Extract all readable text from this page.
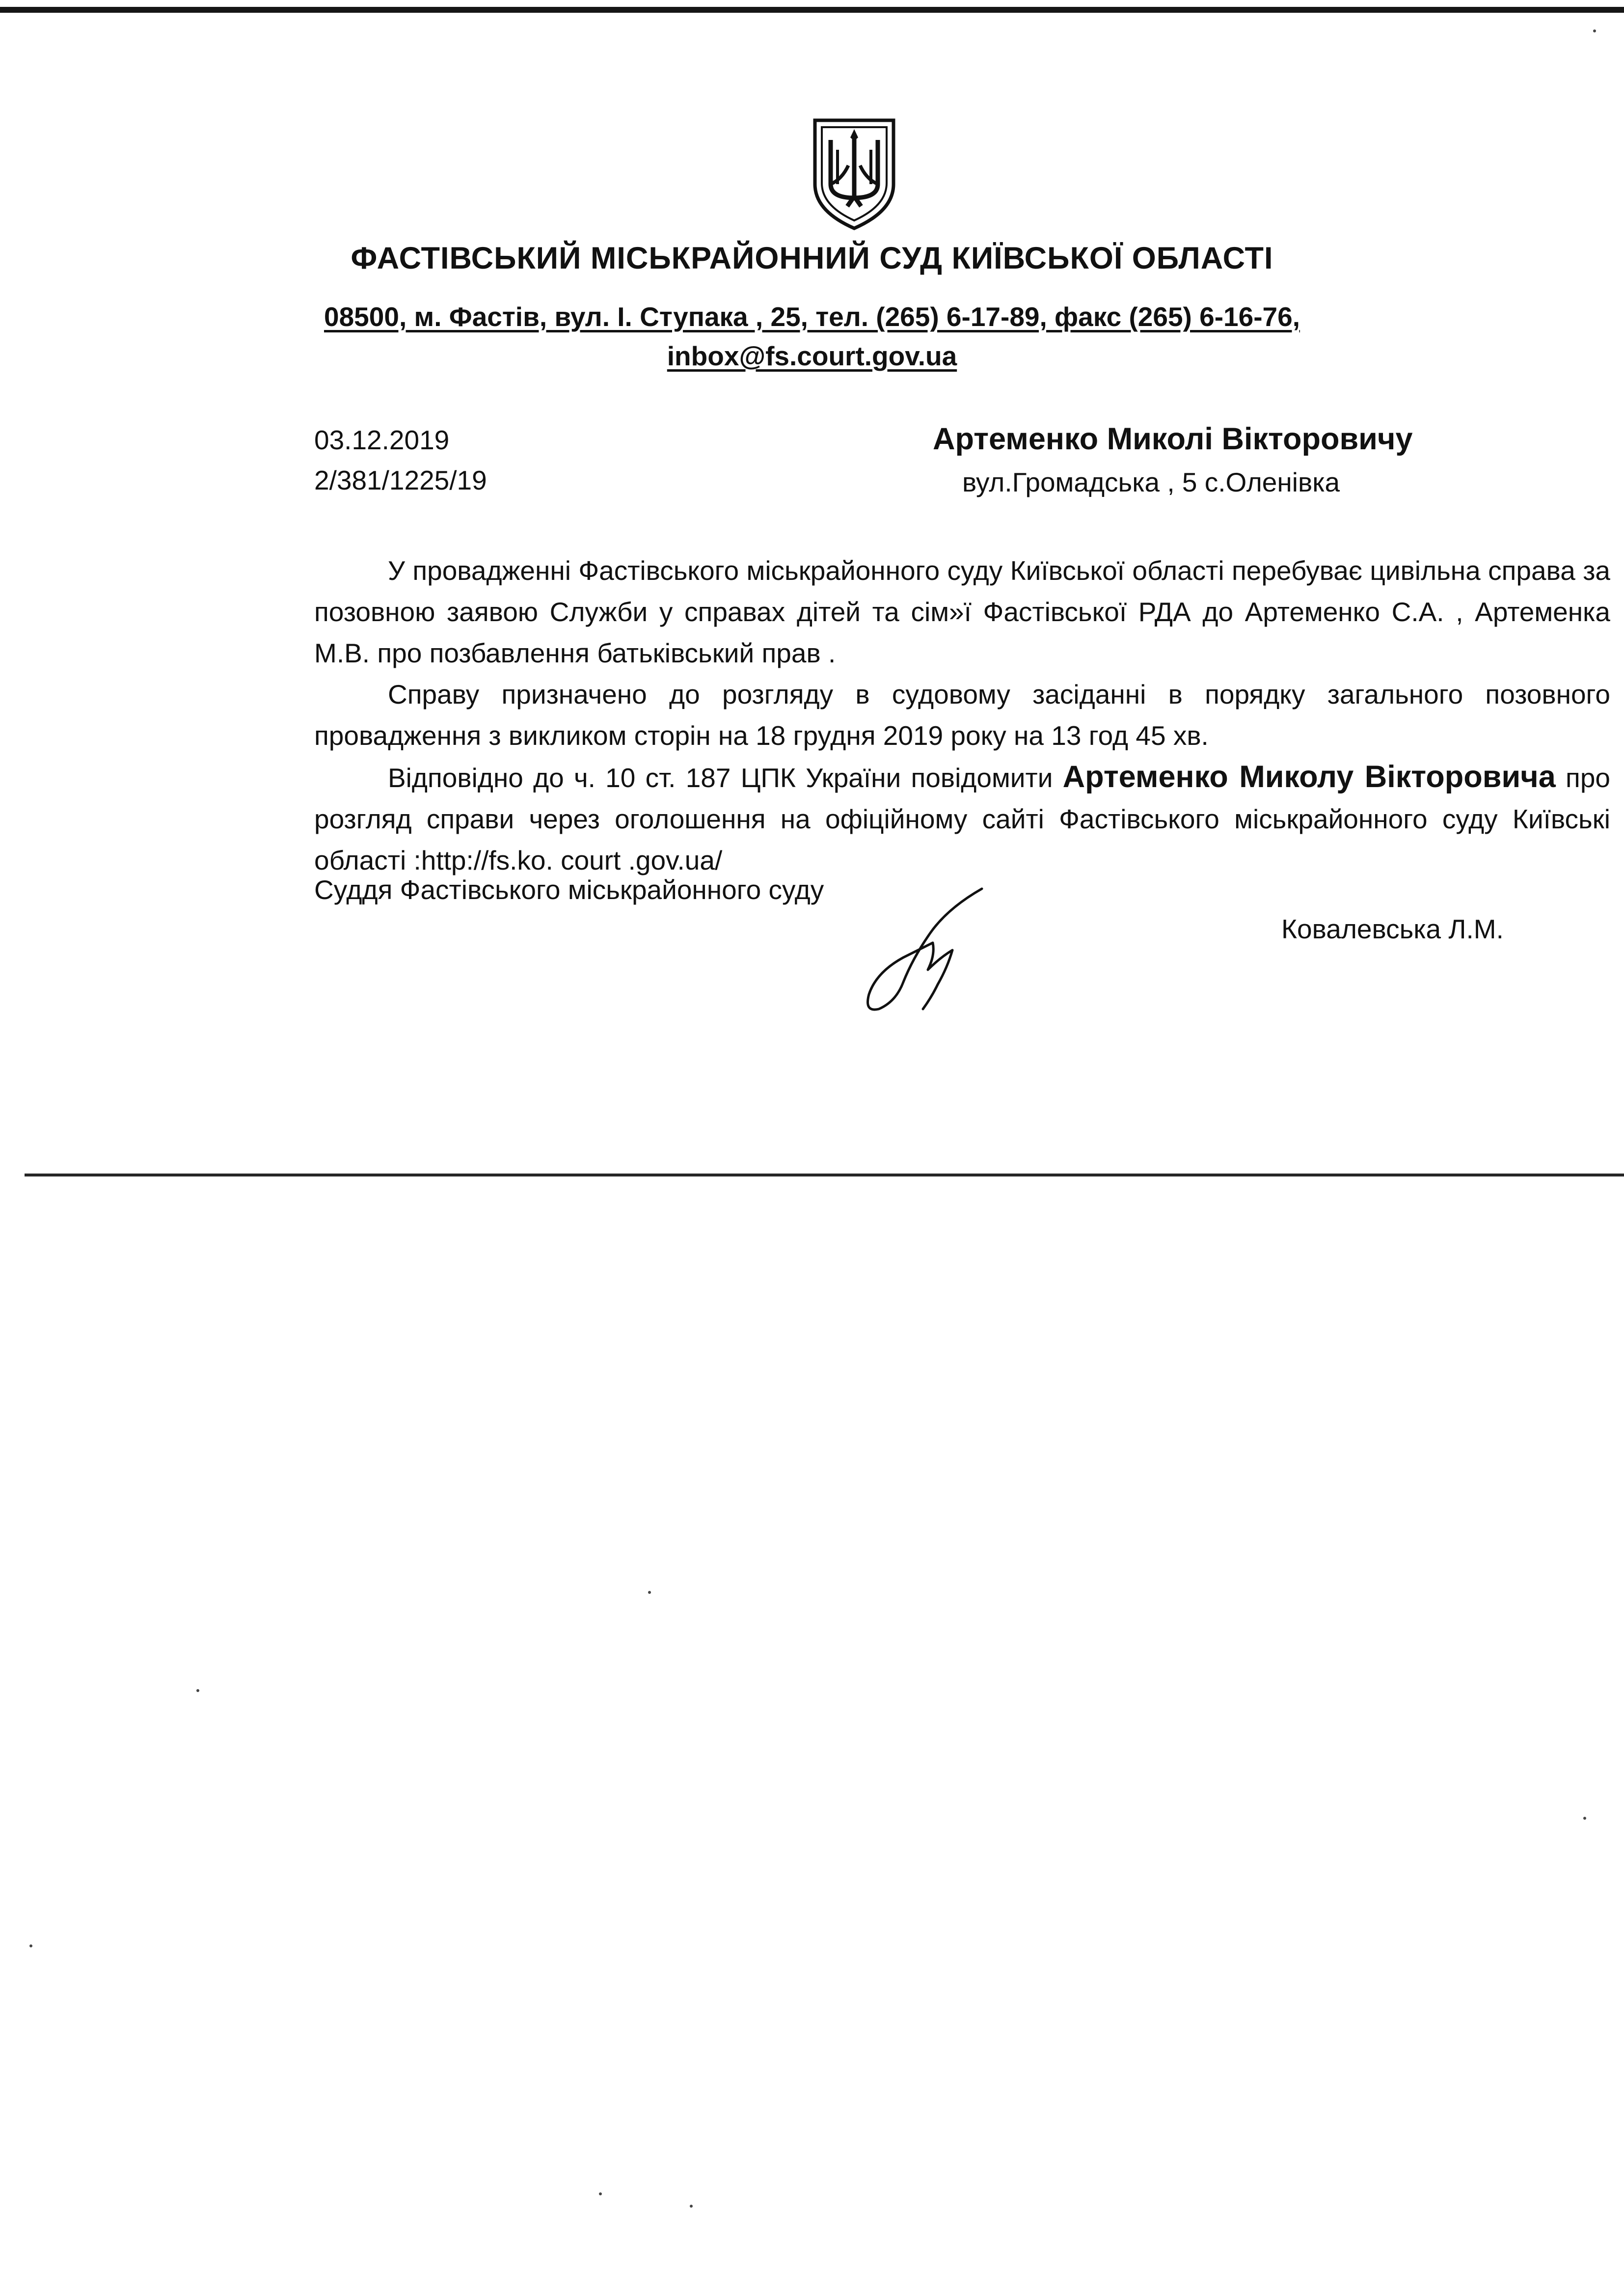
ФАСТІВСЬКИЙ МІСЬКРАЙОННИЙ СУД КИЇВСЬКОЇ ОБЛАСТІ
08500, м. Фастів, вул. І. Ступака , 25, тел. (265) 6-17-89, факс (265) 6-16-76,
inbox@fs.court.gov.ua
03.12.2019
2/381/1225/19
Артеменко Миколі Вікторовичу
вул.Громадська , 5 с.Оленівка

У провадженні Фастівського міськрайонного суду Київської області перебуває цивільна справа за позовною заявою Служби у справах дітей та сім»ї Фастівської РДА до Артеменко С.А. , Артеменка М.В. про позбавлення батьківський прав .

Справу призначено до розгляду в судовому засіданні в порядку загального позовного провадження з викликом сторін на 18 грудня 2019 року на 13 год 45 хв.

Відповідно до ч. 10 ст. 187 ЦПК України повідомити Артеменко Миколу Вікторовича про розгляд справи через оголошення на офіційному сайті Фастівського міськрайонного суду Київські області :http://fs.ko. court .gov.ua/

Суддя Фастівського міськрайонного суду
Ковалевська Л.М.
